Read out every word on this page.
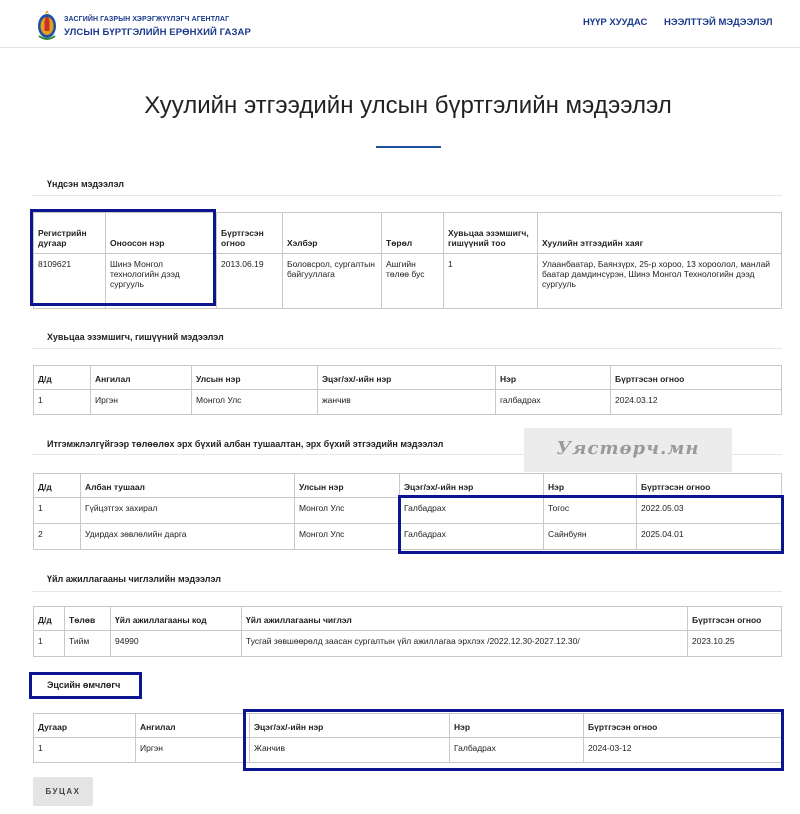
ЗАСГИЙН ГАЗРЫН ХЭРЭГЖҮҮЛЭГЧ АГЕНТЛАГ
УЛСЫН БҮРТГЭЛИЙН ЕРӨНХИЙ ГАЗАР
НҮҮР ХУУДАС НЭЭЛТТЭЙ МЭДЭЭЛЭЛ
Хуулийн этгээдийн улсын бүртгэлийн мэдээлэл
Үндсэн мэдээлэл
Регистрийн дугаар	Оноосон нэр	Бүртгэсэн огноо	Хэлбэр	Төрөл	Хувьцаа эзэмшигч, гишүүний тоо	Хуулийн этгээдийн хаяг
8109621	Шинэ Монгол технологийн дээд сургууль	2013.06.19	Боловсрол, сургалтын байгууллага	Ашгийн төлөө бус	1	Улаанбаатар, Баянзүрх, 25-р хороо, 13 хороолол, манлай баатар дамдинсүрэн, Шинэ Монгол Технологийн дээд сургууль
Хувьцаа эзэмшигч, гишүүний мэдээлэл
Д/д	Ангилал	Улсын нэр	Эцэг/эх/-ийн нэр	Нэр	Бүртгэсэн огноо
1	Иргэн	Монгол Улс	жанчив	галбадрах	2024.03.12
Итгэмжлэлгүйгээр төлөөлөх эрх бүхий албан тушаалтан, эрх бүхий этгээдийн мэдээлэл	Уястөрч.мн
Д/д	Албан тушаал	Улсын нэр	Эцэг/эх/-ийн нэр	Нэр	Бүртгэсэн огноо
1	Гүйцэтгэх захирал	Монгол Улс	Галбадрах	Тогос	2022.05.03
2	Удирдах зөвлөлийн дарга	Монгол Улс	Галбадрах	Сайнбуян	2025.04.01
Үйл ажиллагааны чиглэлийн мэдээлэл
Д/д	Төлөв	Үйл ажиллагааны код	Үйл ажиллагааны чиглэл	Бүртгэсэн огноо
1	Тийм	94990	Тусгай зөвшөөрөлд заасан сургалтын үйл ажиллагаа эрхлэх /2022.12.30-2027.12.30/	2023.10.25
Эцсийн өмчлөгч
Дугаар	Ангилал	Эцэг/эх/-ийн нэр	Нэр	Бүртгэсэн огноо
1	Иргэн	Жанчив	Галбадрах	2024-03-12
БУЦАХ
